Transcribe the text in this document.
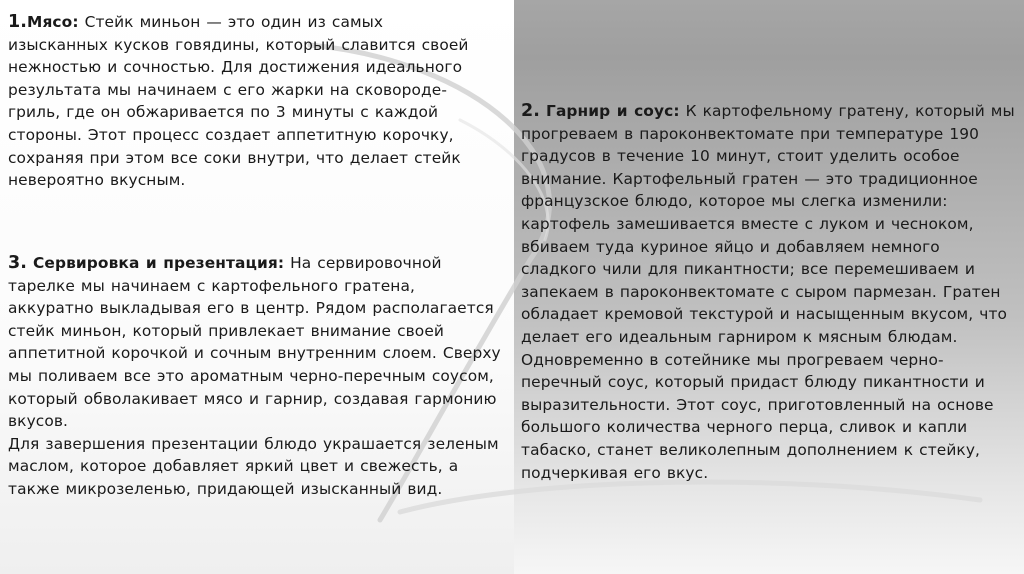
1.Мясо: Стейк миньон — это один из самых изысканных кусков говядины, который славится своей нежностью и сочностью. Для достижения идеального результата мы начинаем с его жарки на сковороде-гриль, где он обжаривается по 3 минуты с каждой стороны. Этот процесс создает аппетитную корочку, сохраняя при этом все соки внутри, что делает стейк невероятно вкусным.

3. Сервировка и презентация: На сервировочной тарелке мы начинаем с картофельного гратена, аккуратно выкладывая его в центр. Рядом располагается стейк миньон, который привлекает внимание своей аппетитной корочкой и сочным внутренним слоем. Сверху мы поливаем все это ароматным черно-перечным соусом, который обволакивает мясо и гарнир, создавая гармонию вкусов.

Для завершения презентации блюдо украшается зеленым маслом, которое добавляет яркий цвет и свежесть, а также микрозеленью, придающей изысканный вид.

2. Гарнир и соус: К картофельному гратену, который мы прогреваем в пароконвектомате при температуре 190 градусов в течение 10 минут, стоит уделить особое внимание. Картофельный гратен — это традиционное французское блюдо, которое мы слегка изменили: картофель замешивается вместе с луком и чесноком, вбиваем туда куриное яйцо и добавляем немного сладкого чили для пикантности; все перемешиваем и запекаем в пароконвектомате с сыром пармезан. Гратен обладает кремовой текстурой и насыщенным вкусом, что делает его идеальным гарниром к мясным блюдам.

Одновременно в сотейнике мы прогреваем черно-перечный соус, который придаст блюду пикантности и выразительности. Этот соус, приготовленный на основе большого количества черного перца, сливок и капли табаско, станет великолепным дополнением к стейку, подчеркивая его вкус.
